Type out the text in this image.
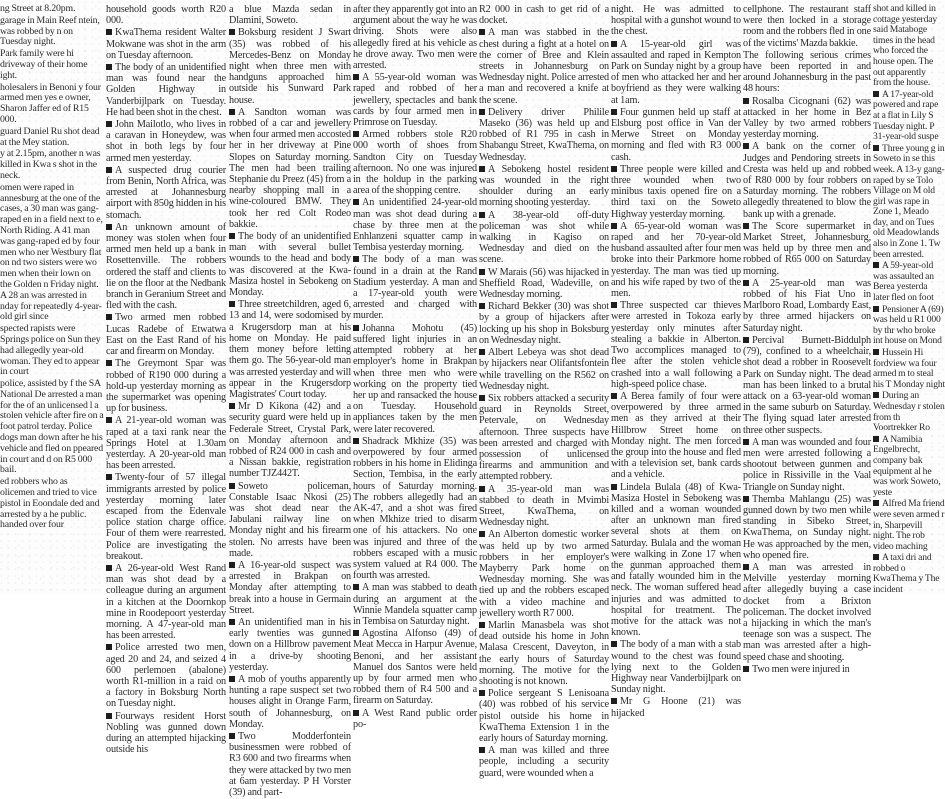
ng Street at 8.20pm.

garage in Main Reef ntein, was robbed by n on Tuesday night.

Park family were hi driveway of their home ight.

holesalers in Benoni y four armed men yes e owner, Sharon Jaffer ed of R15 000.

guard Daniel Ru shot dead at the Mey station.

y at 2.15pm, another n was killed in Kwa s shot in the neck.

omen were raped in annesburg at the one of the cases, a 30 man was gang-raped en in a field next to e, North Riding. A 41 man was gang-raped ed by four men who ner Westbury flat on nd two sisters were wo men when their lown on the Golden n Friday night. A 28 an was arrested in nday for repeatedly 4-year-old girl since

spected rapists were Springs police on Sun they had allegedly year-old woman. They ed to appear in court

police, assisted by f the SA National De arrested a man for the of an unlicensed l a stolen vehicle after fire on a foot patrol terday. Police dogs man down after he his vehicle and fled on ppeared in court and d on R5 000 bail.

ed robbers who as olicemen and tried to vice pistol in Eoondale ded and arrested by a he public. handed over four

household goods worth R20 000.

KwaThema resident Walter Mokwane was shot in the arm on Tuesday afternoon.

The body of an unidentified man was found near the Golden Highway in Vanderbijlpark on Tuesday. He had been shot in the chest.

John Mailotlo, who lives in a caravan in Honeydew, was shot in both legs by four armed men yesterday.

A suspected drug courier from Benin, North Africa, was arrested at Johannesburg airport with 850g hidden in his stomach.

An unknown amount of money was stolen when four armed men held up a bank in Rosettenville. The robbers ordered the staff and clients to lie on the floor at the Nedbank branch in Geranium Street and fled with the cash.

Two armed men robbed Lucas Radebe of Etwatwa East on the East Rand of his car and firearm on Monday.

The Greymont Spar was robbed of R190 000 during a hold-up yesterday morning as the supermarket was opening up for business.

A 21-year-old woman was raped at a taxi rank near the Springs Hotel at 1.30am yesterday. A 20-year-old man has been arrested.

Twenty-four of 57 illegal immigrants arrested by police yesterday morning later escaped from the Edenvale police station charge office. Four of them were rearrested. Police are investigating the breakout.

A 26-year-old West Rand man was shot dead by a colleague during an argument in a kitchen at the Doornkop mine in Roodepoort yesterday morning. A 47-year-old man has been arrested.

Police arrested two men, aged 20 and 24, and seized 4 600 perlemoen (abalone) worth R1-million in a raid on a factory in Boksburg North on Tuesday night.

Fourways resident Horst Nobling was gunned down during an attempted hijacking outside his

a blue Mazda sedan in Dlamini, Soweto.

Boksburg resident J Swart (35) was robbed of his Mercedes-Benz on Monday night when three men with handguns approached him outside his Sunward Park house.

A Sandton woman was robbed of a car and jewellery when four armed men accosted her in her driveway at Pine Slopes on Saturday morning. The men had been trailing Stephanie du Preez (45) from a nearby shopping mall in a wine-coloured BMW. They took her red Colt Rodeo bakkie.

The body of an unidentified man with several bullet wounds to the head and body was discovered at the Kwa-Masiza hostel in Sebokeng on Monday.

Three streetchildren, aged 6, 13 and 14, were sodomised by a Krugersdorp man at his home on Monday. He paid them money before letting them go. The 56-year-old man was arrested yesterday and will appear in the Krugersdorp Magistrates' Court today.

Mr D Kikona (42) and a security guard were held up in Federale Street, Crystal Park, on Monday afternoon and robbed of R24 000 in cash and a Nissan bakkie, registration number TJZ442T.

Soweto policeman, Constable Isaac Nkosi (25) was shot dead near the Jabulani railway line on Monday night and his firearm stolen. No arrests have been made.

A 16-year-old suspect was arrested in Brakpan on Monday after attempting to break into a house in Germain Street.

An unidentified man in his early twenties was gunned down on a Hillbrow pavement in a drive-by shooting yesterday.

A mob of youths apparently hunting a rape suspect set two houses alight in Orange Farm, south of Johannesburg, on Monday.

Two Modderfontein businessmen were robbed of R3 600 and two firearms when they were attacked by two men at 6am yesterday. P H Vorster (39) and part-

after they apparently got into an argument about the way he was driving. Shots were also allegedly fired at his vehicle as he drove away. Two men were arrested.

A 55-year-old woman was raped and robbed of her jewellery, spectacles and bank cards by four armed men in Primrose on Tuesday.

Armed robbers stole R20 000 worth of shoes from Sandton City on Tuesday afternoon. No one was injured in the holdup in the parking area of the shopping centre.

An unidentified 24-year-old man was shot dead during a chase by three men at the Enhlanzeni squatter camp in Tembisa yesterday morning.

The body of a man was found in a drain at the Rand Stadium yesterday. A man and a 17-year-old youth were arrested and charged with murder.

Johanna Mohotu (45) suffered light injuries in an attempted robbery at her employer's home in Brakpan when three men who were working on the property tied her up and ransacked the house on Tuesday. Household appliances taken by the men were later recovered.

Shadrack Mkhize (35) was overpowered by four armed robbers in his home in Elidinga Section, Tembisa, in the early hours of Saturday morning. The robbers allegedly had an AK-47, and a shot was fired when Mkhize tried to disarm one of his attackers. No one was injured and three of the robbers escaped with a music system valued at R4 000. The fourth was arrested.

A man was stabbed to death during an argument at the Winnie Mandela squatter camp in Tembisa on Saturday night.

Agostina Alfonso (49) of Meat Mecca in Harpur Avenue, Benoni, and her assistant Manuel dos Santos were held up by four armed men who robbed them of R4 500 and a firearm on Saturday.

A West Rand public order po-

R2 000 in cash to get rid of a docket.

A man was stabbed in the chest during a fight at a hotel on the corner of Bree and Klein streets in Johannesburg on Wednesday night. Police arrested a man and recovered a knife at the scene.

Delivery driver Philile Maseko (36) was held up and robbed of R1 795 in cash in Shabangu Street, KwaThema, on Wednesday.

A Sebokeng hostel resident was wounded in the right shoulder during an early morning shooting yesterday.

A 38-year-old off-duty policeman was shot while walking in Kagiso on Wednesday and died on the scene.

W Marais (56) was hijacked in Sheffield Road, Wadeville, on Wednesday morning.

Richard Bekker (30) was shot by a group of hijackers after locking up his shop in Boksburg on Wednesday night.

Albert Lebeya was shot dead by hijackers near Olifantsfontein while travelling on the R562 on Wednesday night.

Six robbers attacked a security guard in Reynolds Street, Petervale, on Wednesday afternoon. Three suspects have been arrested and charged with possession of unlicensed firearms and ammunition and attempted robbery.

A 35-year-old man was stabbed to death in Mvimbi Street, KwaThema, on Wednesday night.

An Alberton domestic worker was held up by two armed robbers in her employer's Mayberry Park home on Wednesday morning. She was tied up and the robbers escaped with a video machine and jewellery worth R7 000.

Marlin Manasbela was shot dead outside his home in John Malasa Crescent, Daveyton, in the early hours of Saturday morning. The motive for the shooting is not known.

Police sergeant S Lenisoana (40) was robbed of his service pistol outside his home in KwaThema Extension 1 in the early hours of Saturday morning.

A man was killed and three people, including a security guard, were wounded when a

night. He was admitted to hospital with a gunshot wound to the chest.

A 15-year-old girl was assaulted and raped in Kempton Park on Sunday night by a group of men who attacked her and her boyfriend as they were walking at 1am.

Four gunmen held up staff at Elsburg post office in Van der Merwe Street on Monday morning and fled with R3 000 cash.

Three people were killed and three wounded when two minibus taxis opened fire on a third taxi on the Soweto Highway yesterday morning.

A 65-year-old woman was raped and her 70-year-old husband assaulted after four men broke into their Parkmore home yesterday. The man was tied up and his wife raped by two of the men.

Three suspected car thieves were arrested in Tokoza early yesterday only minutes after stealing a bakkie in Alberton. Two accomplices managed to flee after the stolen vehicle crashed into a wall following a high-speed police chase.

A Berea family of four were overpowered by three armed men as they arrived at their Hillbrow Street home on Monday night. The men forced the group into the house and fled with a television set, bank cards and a vehicle.

Lindela Bulala (48) of Kwa-Masiza Hostel in Sebokeng was killed and a woman wounded after an unknown man fired several shots at them on Saturday. Bulala and the woman were walking in Zone 17 when the gunman approached them and fatally wounded him in the neck. The woman suffered head injuries and was admitted to hospital for treatment. The motive for the attack was not known.

The body of a man with a stab wound to the chest was found lying next to the Golden Highway near Vanderbijlpark on Sunday night.

Mr G Hoone (21) was hijacked

cellphone. The restaurant staff were then locked in a storage room and the robbers fled in one of the victims' Mazda bakkie.

The following serious crimes have been reported in and around Johannesburg in the past 48 hours:

Rosalba Cicognani (62) was attacked in her home in Bez Valley by two armed robbers yesterday morning.

A bank on the corner of Judges and Pendoring streets in Cresta was held up and robbed of R80 000 by four robbers on Saturday morning. The robbers allegedly threatened to blow the bank up with a grenade.

The Score supermarket in Market Street, Johannesburg, was held up by three men and robbed of R65 000 on Saturday morning.

A 25-year-old man was robbed of his Fiat Uno in Marlboro Road, Lombardy East, by three armed hijackers on Saturday night.

Percival Burnett-Biddulph (79), confined to a wheelchair, shot dead a robber in Roosevelt Park on Sunday night. The dead man has been linked to a brutal attack on a 63-year-old woman in the same suburb on Saturday. The flying squad later arrested three other suspects.

A man was wounded and four men were arrested following a shootout between gunmen and police in Rissiville in the Vaal Triangle on Sunday night.

Themba Mahlangu (25) was gunned down by two men while standing in Sibeko Street, KwaThema, on Sunday night. He was approached by the men, who opened fire.

A man was arrested in Melville yesterday morning after allegedly buying a case docket from a Brixton policeman. The docket involved a hijacking in which the man's teenage son was a suspect. The man was arrested after a high-speed chase and shooting.

Two men were injured in

shot and killed in cottage yesterday said Mataboge times in the head who forced the house open. The out apparently from the house.

A 17-year-old powered and rape at a flat in Lily S Tuesday night. P 31-year-old suspe

Three young g in Soweto in se this week. A 13-y gang-raped by se Tolo Village on M old girl was rape in Zone 1, Meado day, and on Tues old Meadowlands also in Zone 1. Tw been arrested.

A 59-year-old was assaulted an Berea yesterda later fled on foot

Pensioner A (69) was held u R1 000 by thr who broke int house on Mond

Hussein Hi fordview wa four armed m to steal his T Monday night

During an Wednesday r stolen from th Voortrekker Ro

A Namibia Engelbrecht, company bak equipment al he was work Soweto, yeste

Alfred Ma friend were seven armed r in, Sharpevill night. The rob video maching

A taxi dri and robbed o KwaThema y The incident
